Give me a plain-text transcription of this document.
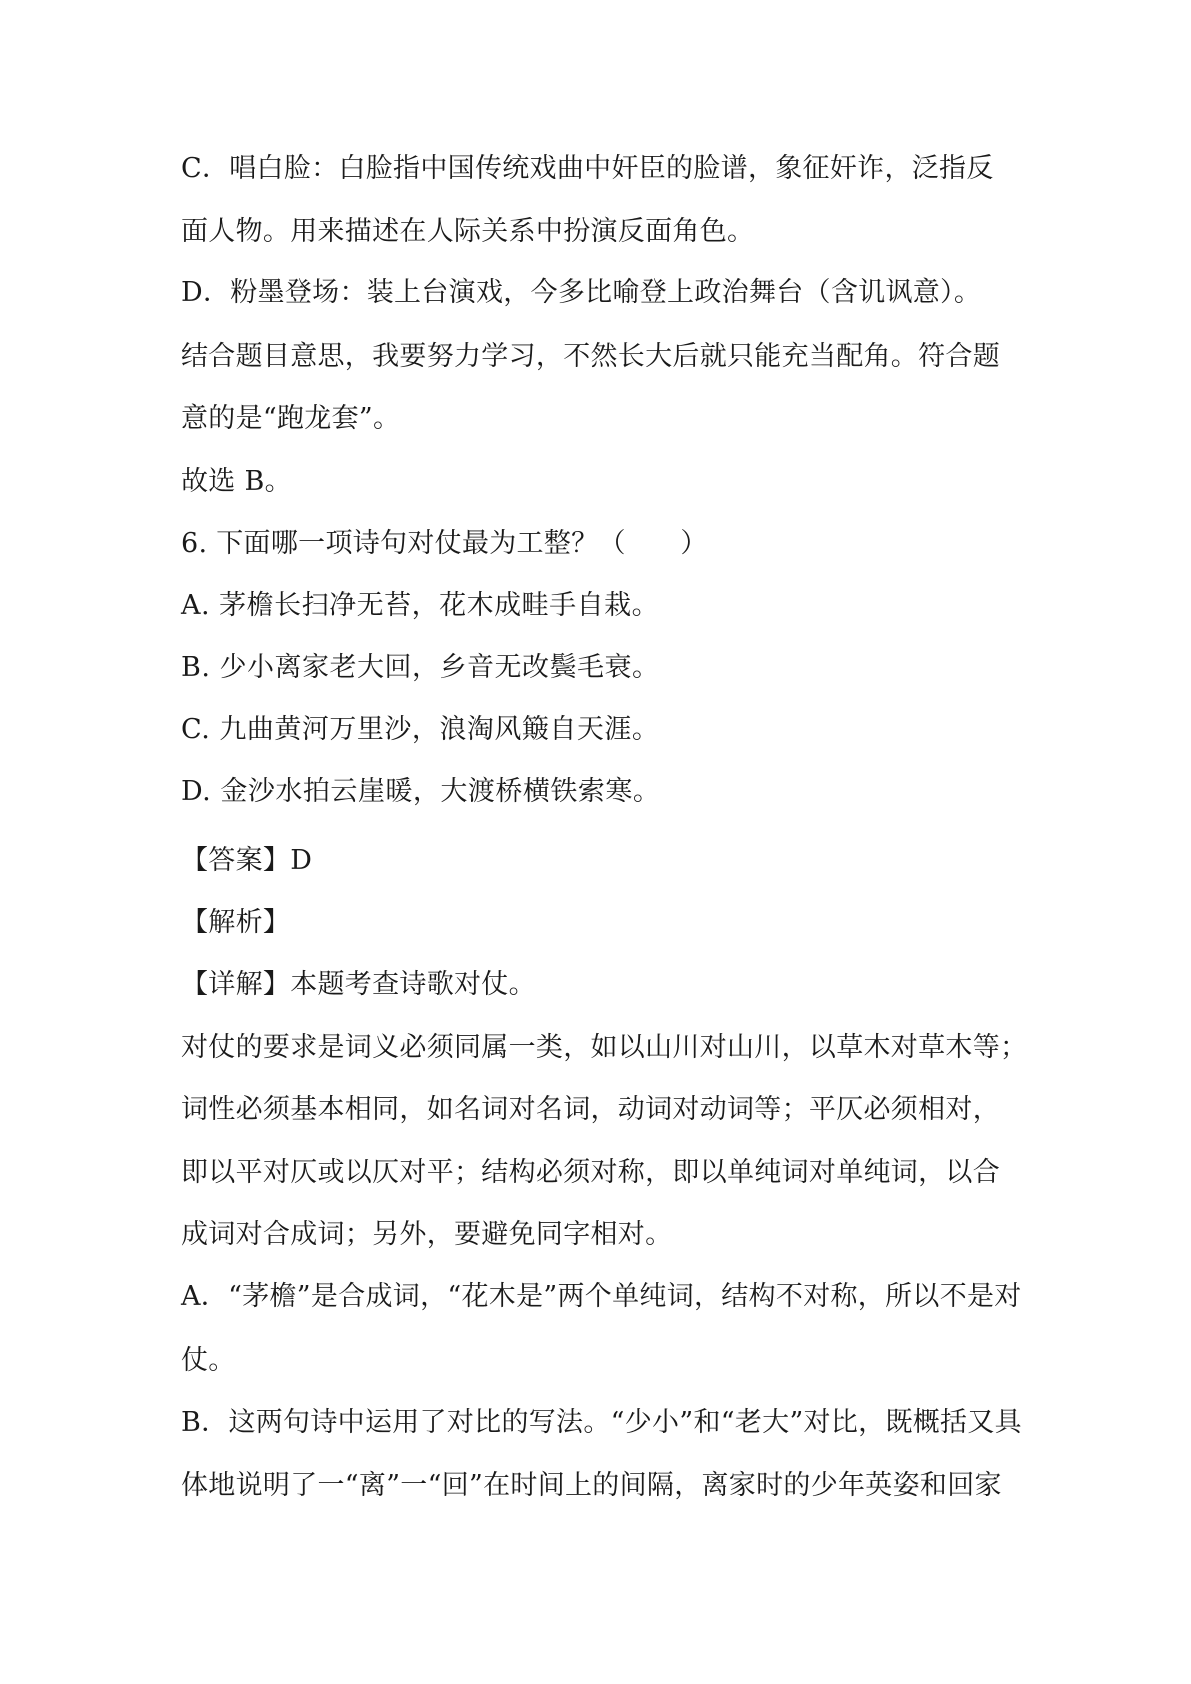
C．唱白脸：白脸指中国传统戏曲中奸臣的脸谱，象征奸诈，泛指反
面人物。用来描述在人际关系中扮演反面角色。
D．粉墨登场：装上台演戏，今多比喻登上政治舞台（含讥讽意）。
结合题目意思，我要努力学习，不然长大后就只能充当配角。符合题
意的是“跑龙套”。
故选 B。
6. 下面哪一项诗句对仗最为工整？（　　）
A. 茅檐长扫净无苔，花木成畦手自栽。
B. 少小离家老大回，乡音无改鬓毛衰。
C. 九曲黄河万里沙，浪淘风簸自天涯。
D. 金沙水拍云崖暖，大渡桥横铁索寒。
【答案】D
【解析】
【详解】本题考查诗歌对仗。
对仗的要求是词义必须同属一类，如以山川对山川，以草木对草木等；
词性必须基本相同，如名词对名词，动词对动词等；平仄必须相对，
即以平对仄或以仄对平；结构必须对称，即以单纯词对单纯词，以合
成词对合成词；另外，要避免同字相对。
A．“茅檐”是合成词，“花木是”两个单纯词，结构不对称，所以不是对
仗。
B．这两句诗中运用了对比的写法。“少小”和“老大”对比，既概括又具
体地说明了一“离”一“回”在时间上的间隔，离家时的少年英姿和回家
